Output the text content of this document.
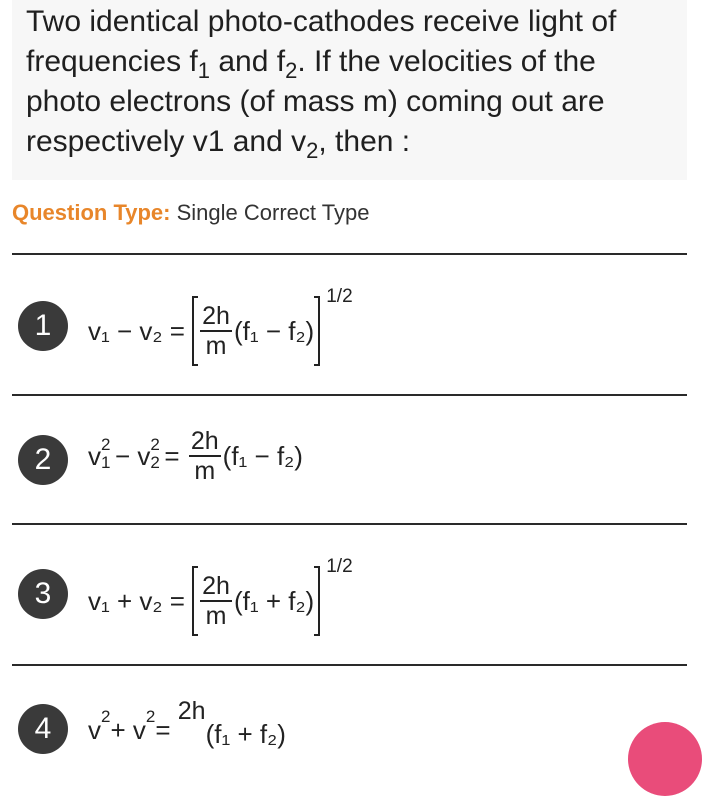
Two identical photo-cathodes receive light of
frequencies $f_1$ and $f_2$. If the velocities of the
photo electrons (of mass m) coming out are
respectively v1 and $v_2$, then :
Question Type: Single Correct Type
1	$v_1 - v_2 = \frac{2h}{m} (f_1 - f_2)^{1/2}$
2	v 2
1 − v 2
$2 = \frac{2h}{m} (f_1 - f_2)$
3	$v_1 + v_2 = \frac{2h}{m} (f_1 + f_2)^{1/2}$
4	v2+ v2= 2h(f₁ + f₂)
